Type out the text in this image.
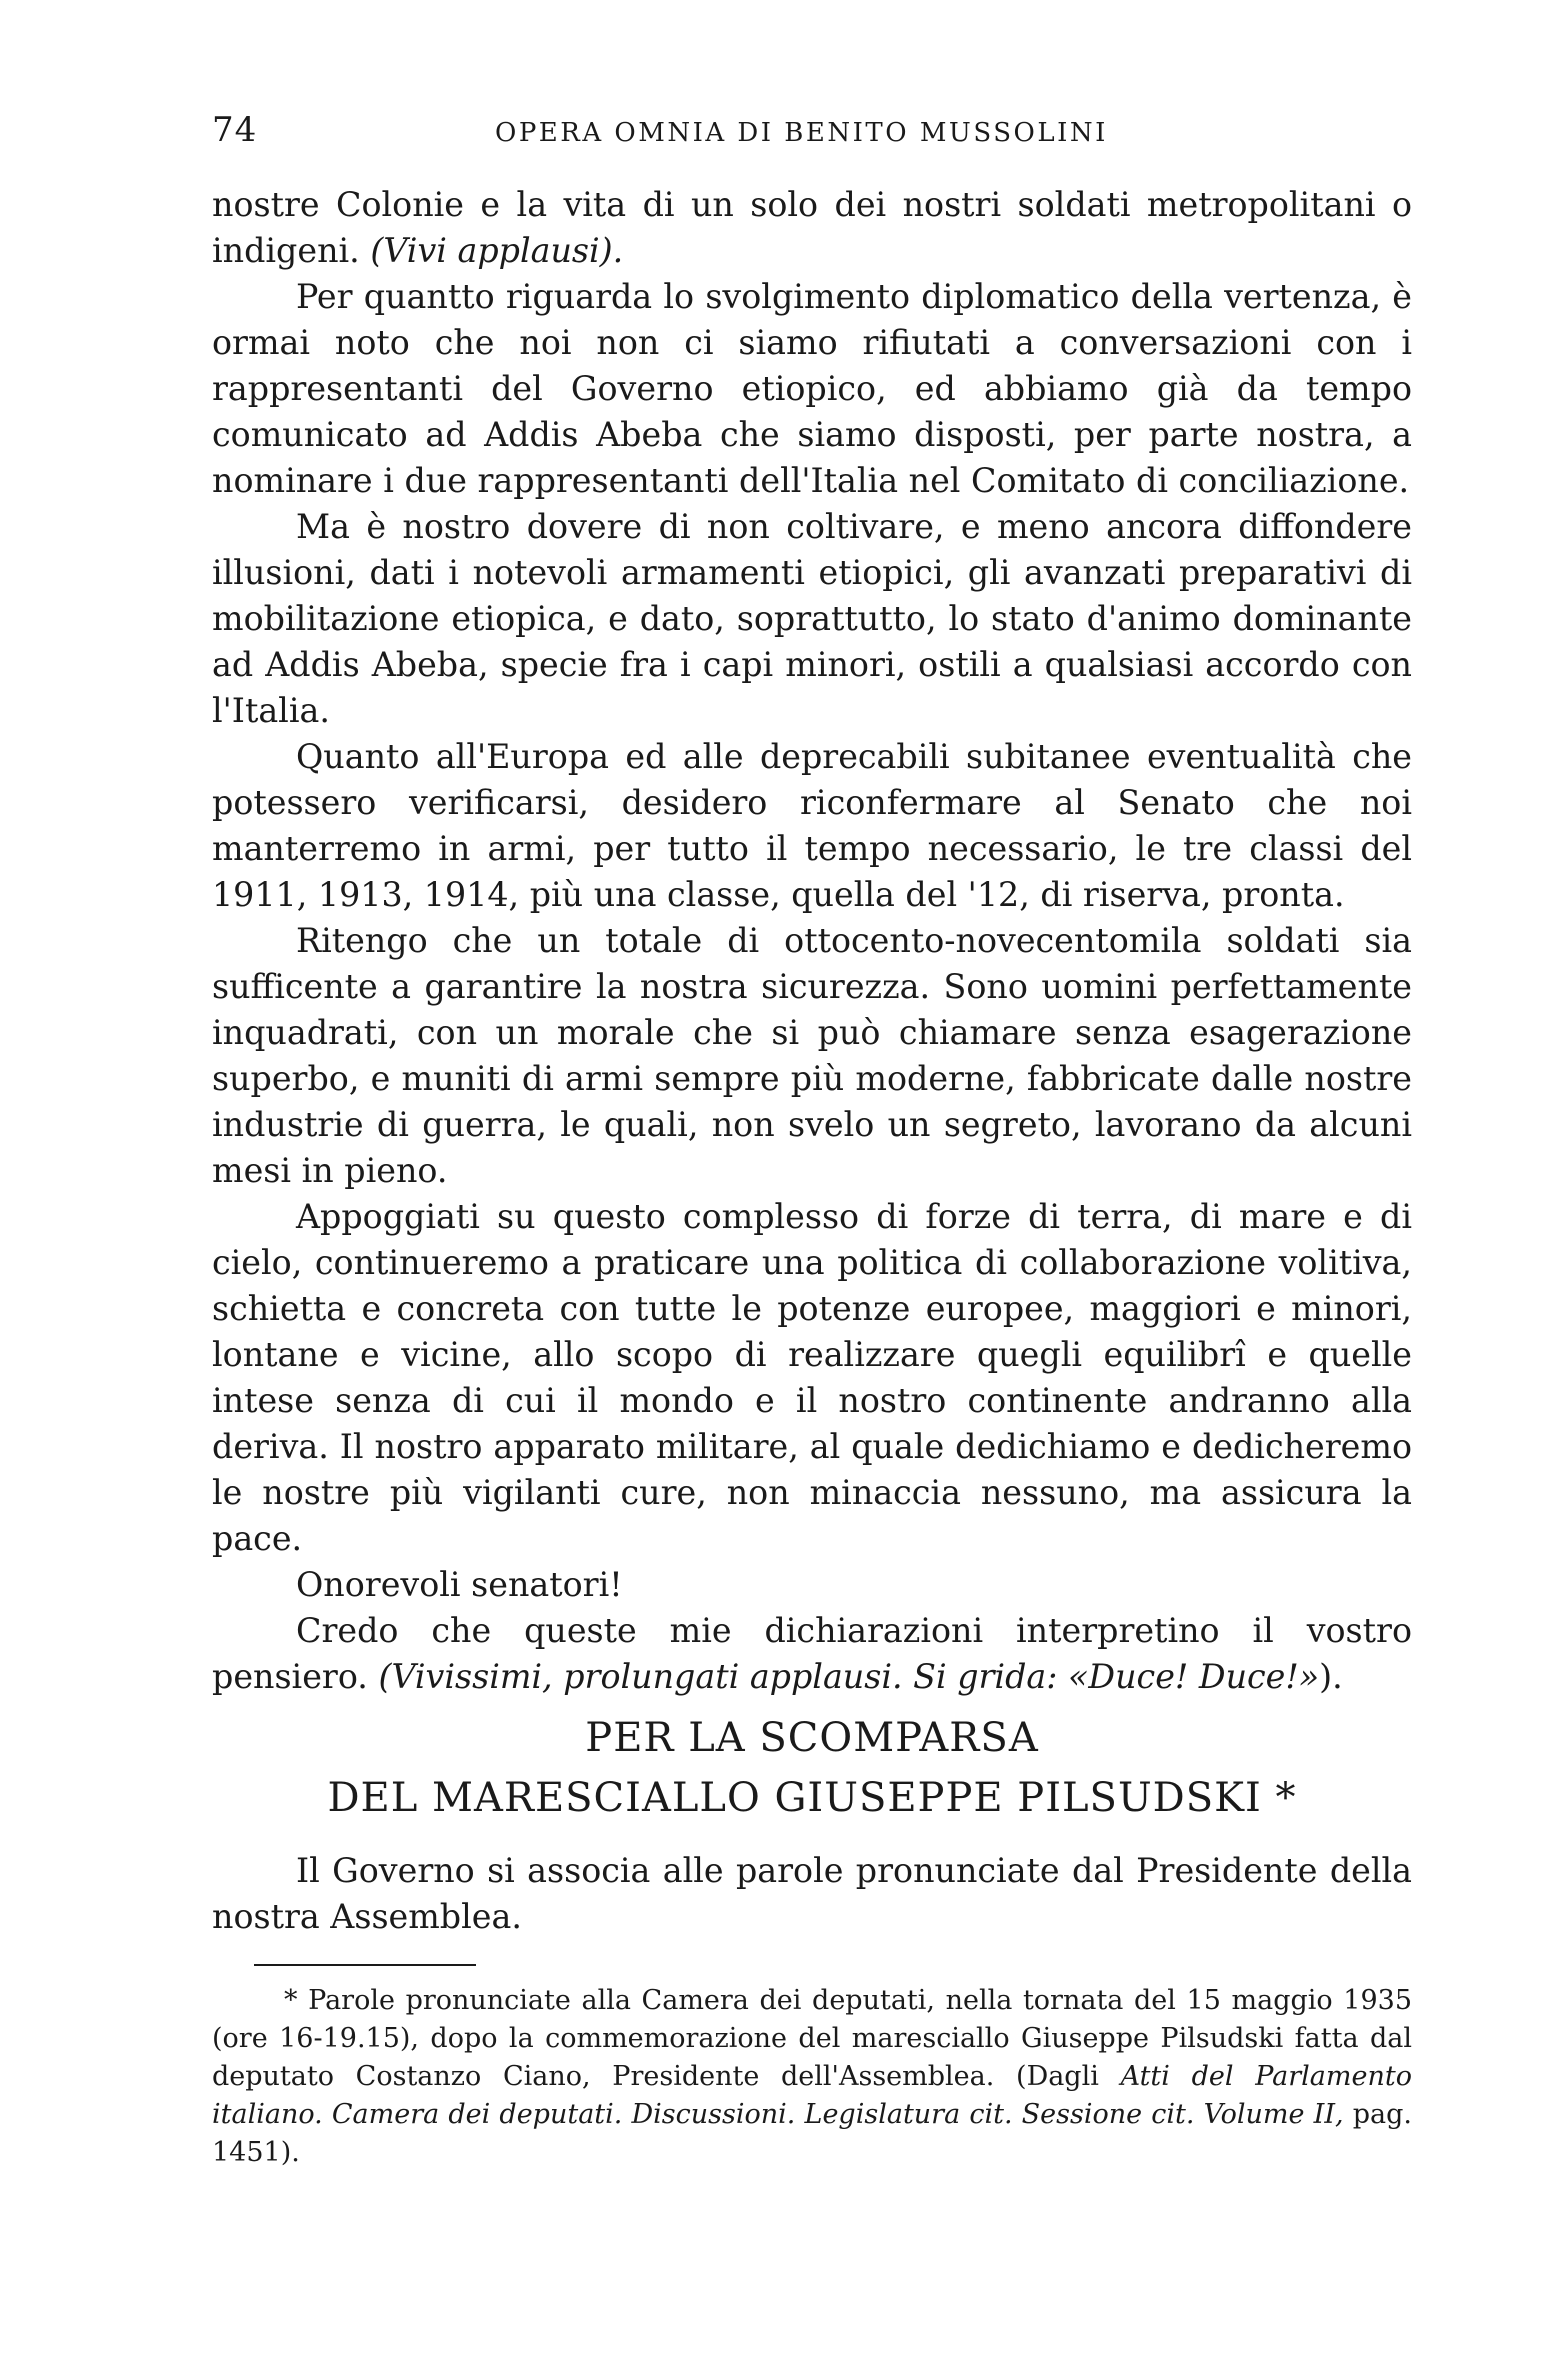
74	OPERA OMNIA DI BENITO MUSSOLINI

nostre Colonie e la vita di un solo dei nostri soldati metropolitani o indigeni. (Vivi applausi).

Per quantto riguarda lo svolgimento diplomatico della vertenza, è ormai noto che noi non ci siamo rifiutati a conversazioni con i rappresentanti del Governo etiopico, ed abbiamo già da tempo comunicato ad Addis Abeba che siamo disposti, per parte nostra, a nominare i due rappresentanti dell'Italia nel Comitato di conciliazione.

Ma è nostro dovere di non coltivare, e meno ancora diffondere illusioni, dati i notevoli armamenti etiopici, gli avanzati preparativi di mobilitazione etiopica, e dato, soprattutto, lo stato d'animo dominante ad Addis Abeba, specie fra i capi minori, ostili a qualsiasi accordo con l'Italia.

Quanto all'Europa ed alle deprecabili subitanee eventualità che potessero verificarsi, desidero riconfermare al Senato che noi manterremo in armi, per tutto il tempo necessario, le tre classi del 1911, 1913, 1914, più una classe, quella del '12, di riserva, pronta.

Ritengo che un totale di ottocento-novecentomila soldati sia sufficente a garantire la nostra sicurezza. Sono uomini perfettamente inquadrati, con un morale che si può chiamare senza esagerazione superbo, e muniti di armi sempre più moderne, fabbricate dalle nostre industrie di guerra, le quali, non svelo un segreto, lavorano da alcuni mesi in pieno.

Appoggiati su questo complesso di forze di terra, di mare e di cielo, continueremo a praticare una politica di collaborazione volitiva, schietta e concreta con tutte le potenze europee, maggiori e minori, lontane e vicine, allo scopo di realizzare quegli equilibrî e quelle intese senza di cui il mondo e il nostro continente andranno alla deriva. Il nostro apparato militare, al quale dedichiamo e dedicheremo le nostre più vigilanti cure, non minaccia nessuno, ma assicura la pace.

Onorevoli senatori!

Credo che queste mie dichiarazioni interpretino il vostro pensiero. (Vivissimi, prolungati applausi. Si grida: «Duce! Duce!»).

PER LA SCOMPARSA
DEL MARESCIALLO GIUSEPPE PILSUDSKI *

Il Governo si associa alle parole pronunciate dal Presidente della nostra Assemblea.

* Parole pronunciate alla Camera dei deputati, nella tornata del 15 maggio 1935 (ore 16-19.15), dopo la commemorazione del maresciallo Giuseppe Pilsudski fatta dal deputato Costanzo Ciano, Presidente dell'Assemblea. (Dagli Atti del Parlamento italiano. Camera dei deputati. Discussioni. Legislatura cit. Sessione cit. Volume II, pag. 1451).
